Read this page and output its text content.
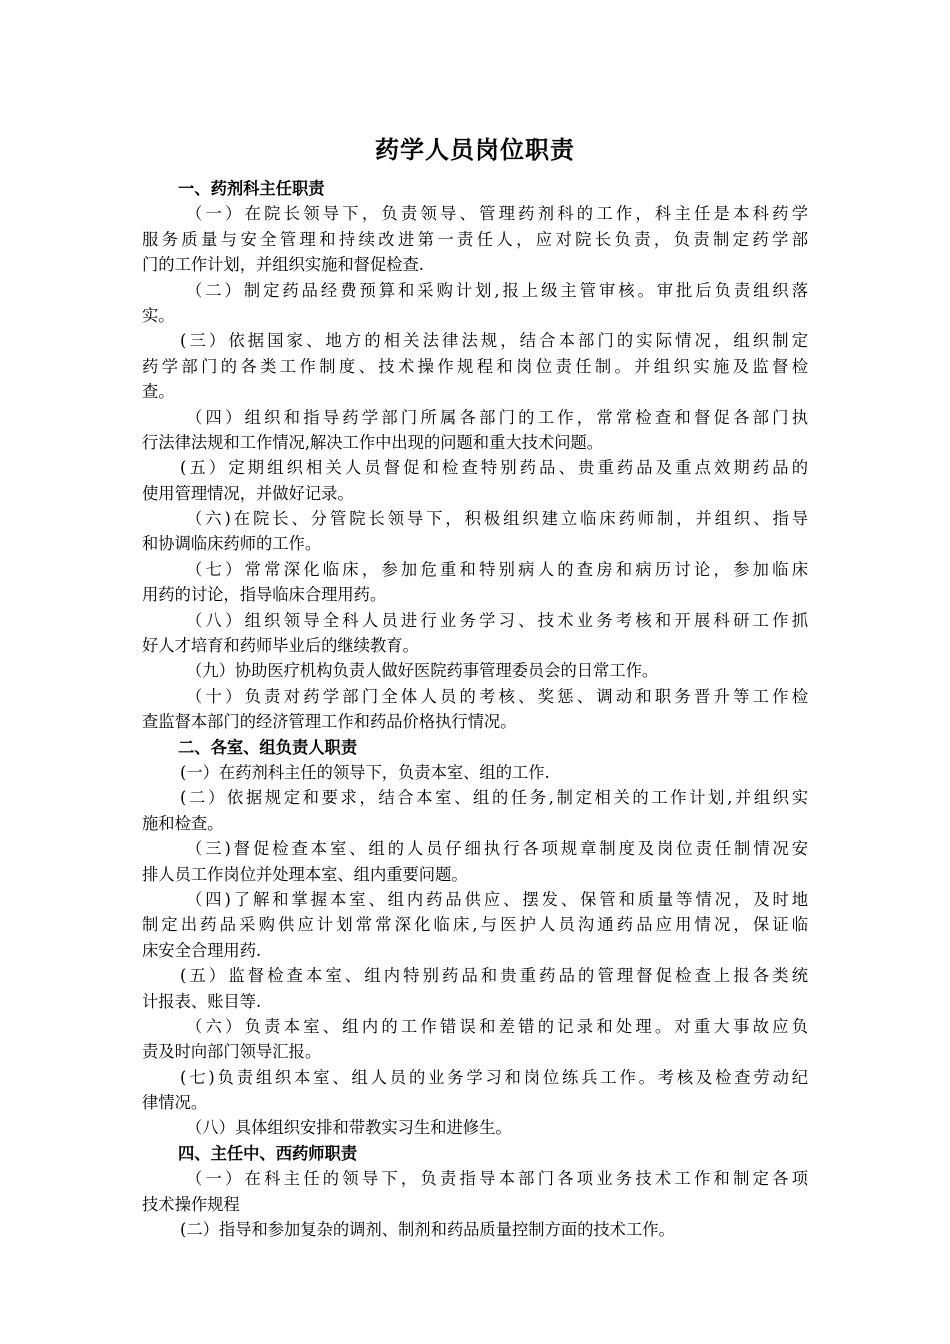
药学人员岗位职责
一、药剂科主任职责
（一）在院长领导下，负责领导、管理药剂科的工作，科主任是本科药学
服务质量与安全管理和持续改进第一责任人，应对院长负责，负责制定药学部
门的工作计划，并组织实施和督促检查.
（二）制定药品经费预算和采购计划,报上级主管审核。审批后负责组织落
实。
(三）依据国家、地方的相关法律法规，结合本部门的实际情况，组织制定
药学部门的各类工作制度、技术操作规程和岗位责任制。并组织实施及监督检
查。
（四）组织和指导药学部门所属各部门的工作，常常检查和督促各部门执
行法律法规和工作情况,解决工作中出现的问题和重大技术问题。
(五）定期组织相关人员督促和检查特别药品、贵重药品及重点效期药品的
使用管理情况，并做好记录。
（六)在院长、分管院长领导下，积极组织建立临床药师制，并组织、指导
和协调临床药师的工作。
（七）常常深化临床，参加危重和特别病人的查房和病历讨论，参加临床
用药的讨论，指导临床合理用药。
（八）组织领导全科人员进行业务学习、技术业务考核和开展科研工作抓
好人才培育和药师毕业后的继续教育。
（九）协助医疗机构负责人做好医院药事管理委员会的日常工作。
（十）负责对药学部门全体人员的考核、奖惩、调动和职务晋升等工作检
查监督本部门的经济管理工作和药品价格执行情况。
二、各室、组负责人职责
(一）在药剂科主任的领导下，负责本室、组的工作.
(二）依据规定和要求，结合本室、组的任务,制定相关的工作计划,并组织实
施和检查。
（三)督促检查本室、组的人员仔细执行各项规章制度及岗位责任制情况安
排人员工作岗位并处理本室、组内重要问题。
（四)了解和掌握本室、组内药品供应、摆发、保管和质量等情况，及时地
制定出药品采购供应计划常常深化临床,与医护人员沟通药品应用情况，保证临
床安全合理用药.
(五）监督检查本室、组内特别药品和贵重药品的管理督促检查上报各类统
计报表、账目等.
（六）负责本室、组内的工作错误和差错的记录和处理。对重大事故应负
责及时向部门领导汇报。
(七)负责组织本室、组人员的业务学习和岗位练兵工作。考核及检查劳动纪
律情况。
（八）具体组织安排和带教实习生和进修生。
四、主任中、西药师职责
（一）在科主任的领导下，负责指导本部门各项业务技术工作和制定各项
技术操作规程
(二）指导和参加复杂的调剂、制剂和药品质量控制方面的技术工作。
